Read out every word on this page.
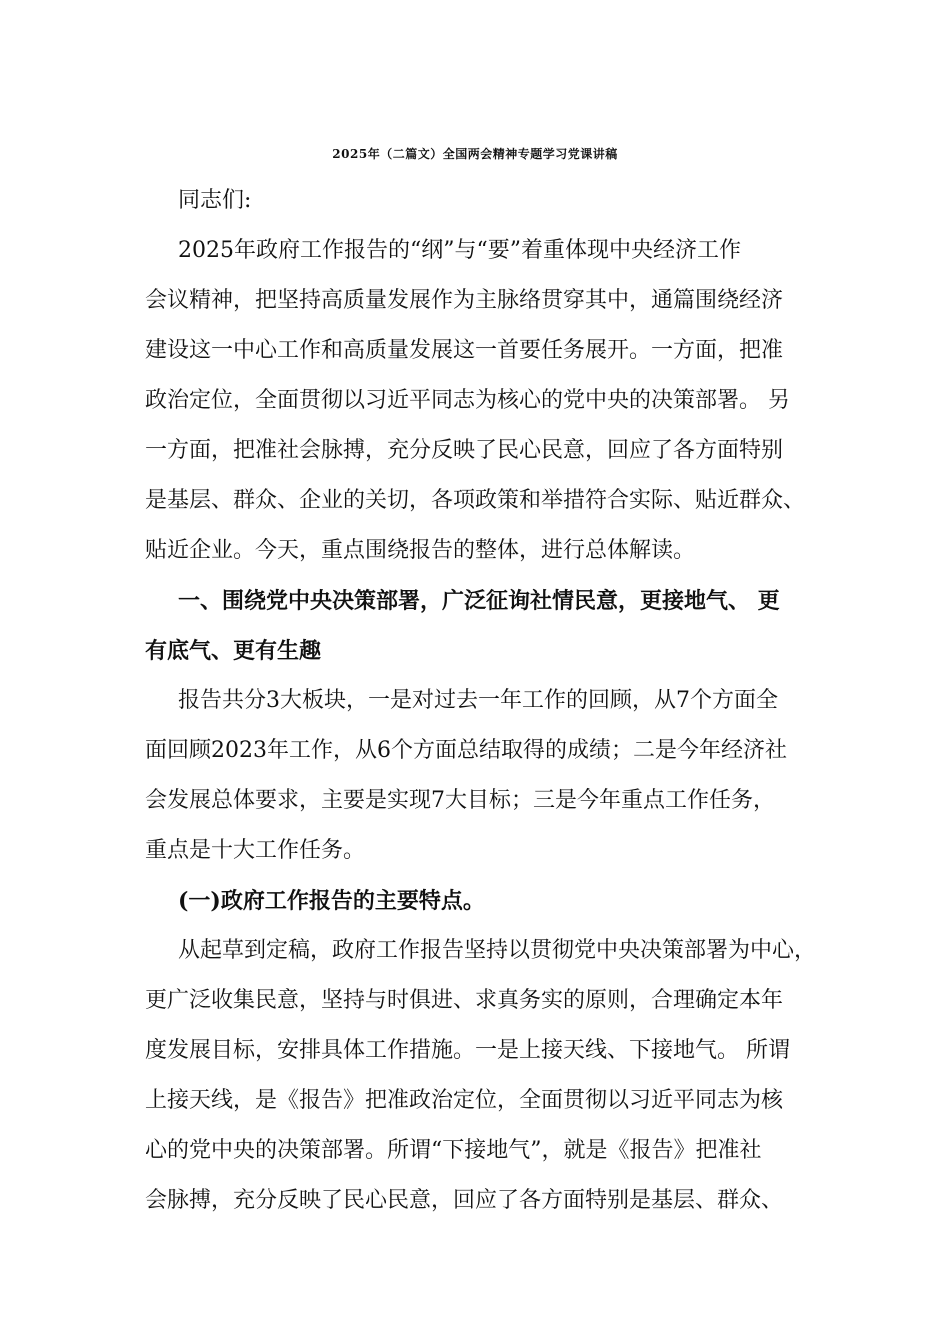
2025年（二篇文）全国两会精神专题学习党课讲稿
同志们:
2025年政府工作报告的“纲”与“要”着重体现中央经济工作
会议精神，把坚持高质量发展作为主脉络贯穿其中，通篇围绕经济
建设这一中心工作和高质量发展这一首要任务展开。一方面，把准
政治定位，全面贯彻以习近平同志为核心的党中央的决策部署。 另
一方面，把准社会脉搏，充分反映了民心民意，回应了各方面特别
是基层、群众、企业的关切，各项政策和举措符合实际、贴近群众、
贴近企业。今天，重点围绕报告的整体，进行总体解读。
一、围绕党中央决策部署，广泛征询社情民意，更接地气、 更
有底气、更有生趣
报告共分3大板块，一是对过去一年工作的回顾，从7个方面全
面回顾2023年工作，从6个方面总结取得的成绩；二是今年经济社
会发展总体要求，主要是实现7大目标；三是今年重点工作任务，
重点是十大工作任务。
(一)政府工作报告的主要特点。
从起草到定稿，政府工作报告坚持以贯彻党中央决策部署为中心，
更广泛收集民意，坚持与时俱进、求真务实的原则，合理确定本年
度发展目标，安排具体工作措施。一是上接天线、下接地气。 所谓
上接天线，是《报告》把准政治定位，全面贯彻以习近平同志为核
心的党中央的决策部署。所谓“下接地气”，就是《报告》把准社
会脉搏，充分反映了民心民意，回应了各方面特别是基层、群众、
